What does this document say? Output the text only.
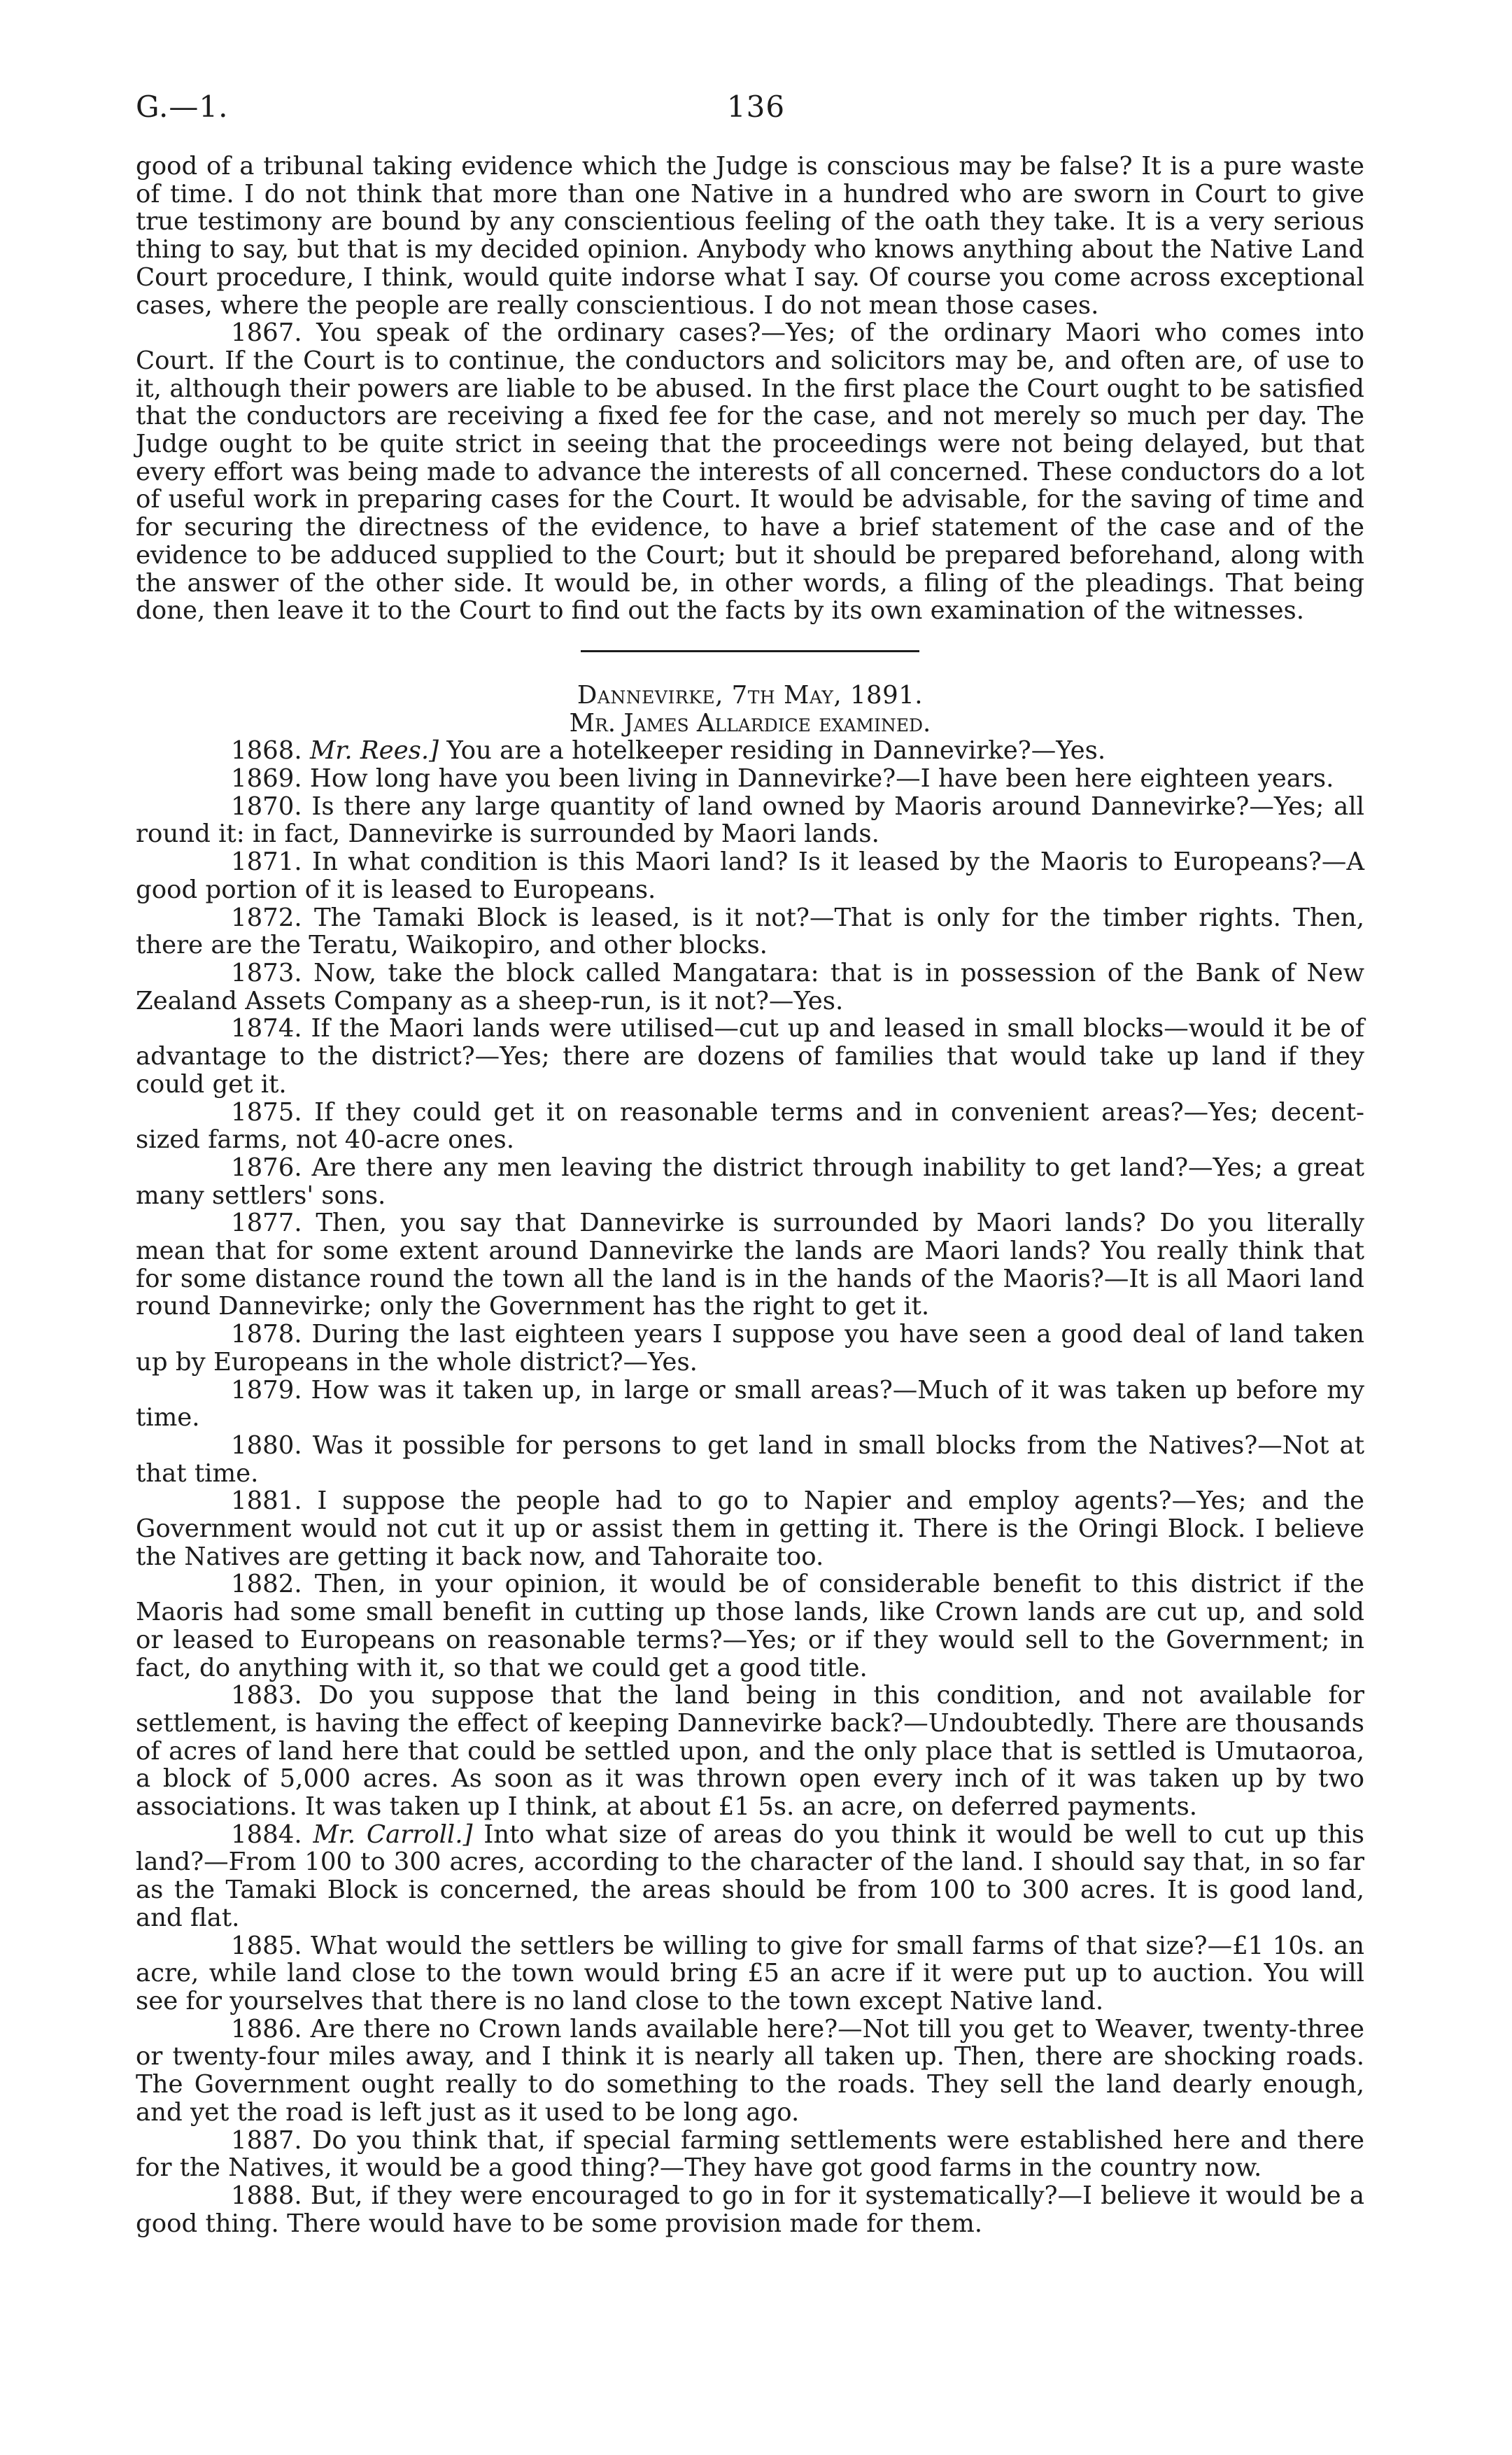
G.—1.	136

good of a tribunal taking evidence which the Judge is conscious may be false? It is a pure waste of time. I do not think that more than one Native in a hundred who are sworn in Court to give true testimony are bound by any conscientious feeling of the oath they take. It is a very serious thing to say, but that is my decided opinion. Anybody who knows anything about the Native Land Court procedure, I think, would quite indorse what I say. Of course you come across exceptional cases, where the people are really conscientious. I do not mean those cases.

1867. You speak of the ordinary cases?—Yes; of the ordinary Maori who comes into Court. If the Court is to continue, the conductors and solicitors may be, and often are, of use to it, although their powers are liable to be abused. In the first place the Court ought to be satisfied that the conductors are receiving a fixed fee for the case, and not merely so much per day. The Judge ought to be quite strict in seeing that the proceedings were not being delayed, but that every effort was being made to advance the interests of all concerned. These conductors do a lot of useful work in preparing cases for the Court. It would be advisable, for the saving of time and for securing the directness of the evidence, to have a brief statement of the case and of the evidence to be adduced supplied to the Court; but it should be prepared beforehand, along with the answer of the other side. It would be, in other words, a filing of the pleadings. That being done, then leave it to the Court to find out the facts by its own examination of the witnesses.

Dannevirke, 7th May, 1891.

Mr. James Allardice examined.

1868. Mr. Rees.] You are a hotelkeeper residing in Dannevirke?—Yes.

1869. How long have you been living in Dannevirke?—I have been here eighteen years.

1870. Is there any large quantity of land owned by Maoris around Dannevirke?—Yes; all round it: in fact, Dannevirke is surrounded by Maori lands.

1871. In what condition is this Maori land? Is it leased by the Maoris to Europeans?—A good portion of it is leased to Europeans.

1872. The Tamaki Block is leased, is it not?—That is only for the timber rights. Then, there are the Teratu, Waikopiro, and other blocks.

1873. Now, take the block called Mangatara: that is in possession of the Bank of New Zealand Assets Company as a sheep-run, is it not?—Yes.

1874. If the Maori lands were utilised—cut up and leased in small blocks—would it be of advantage to the district?—Yes; there are dozens of families that would take up land if they could get it.

1875. If they could get it on reasonable terms and in convenient areas?—Yes; decent-sized farms, not 40-acre ones.

1876. Are there any men leaving the district through inability to get land?—Yes; a great many settlers' sons.

1877. Then, you say that Dannevirke is surrounded by Maori lands? Do you literally mean that for some extent around Dannevirke the lands are Maori lands? You really think that for some distance round the town all the land is in the hands of the Maoris?—It is all Maori land round Dannevirke; only the Government has the right to get it.

1878. During the last eighteen years I suppose you have seen a good deal of land taken up by Europeans in the whole district?—Yes.

1879. How was it taken up, in large or small areas?—Much of it was taken up before my time.

1880. Was it possible for persons to get land in small blocks from the Natives?—Not at that time.

1881. I suppose the people had to go to Napier and employ agents?—Yes; and the Government would not cut it up or assist them in getting it. There is the Oringi Block. I believe the Natives are getting it back now, and Tahoraite too.

1882. Then, in your opinion, it would be of considerable benefit to this district if the Maoris had some small benefit in cutting up those lands, like Crown lands are cut up, and sold or leased to Europeans on reasonable terms?—Yes; or if they would sell to the Government; in fact, do anything with it, so that we could get a good title.

1883. Do you suppose that the land being in this condition, and not available for settlement, is having the effect of keeping Dannevirke back?—Undoubtedly. There are thousands of acres of land here that could be settled upon, and the only place that is settled is Umutaoroa, a block of 5,000 acres. As soon as it was thrown open every inch of it was taken up by two associations. It was taken up I think, at about £1 5s. an acre, on deferred payments.

1884. Mr. Carroll.] Into what size of areas do you think it would be well to cut up this land?—From 100 to 300 acres, according to the character of the land. I should say that, in so far as the Tamaki Block is concerned, the areas should be from 100 to 300 acres. It is good land, and flat.

1885. What would the settlers be willing to give for small farms of that size?—£1 10s. an acre, while land close to the town would bring £5 an acre if it were put up to auction. You will see for yourselves that there is no land close to the town except Native land.

1886. Are there no Crown lands available here?—Not till you get to Weaver, twenty-three or twenty-four miles away, and I think it is nearly all taken up. Then, there are shocking roads. The Government ought really to do something to the roads. They sell the land dearly enough, and yet the road is left just as it used to be long ago.

1887. Do you think that, if special farming settlements were established here and there for the Natives, it would be a good thing?—They have got good farms in the country now.

1888. But, if they were encouraged to go in for it systematically?—I believe it would be a good thing. There would have to be some provision made for them.
